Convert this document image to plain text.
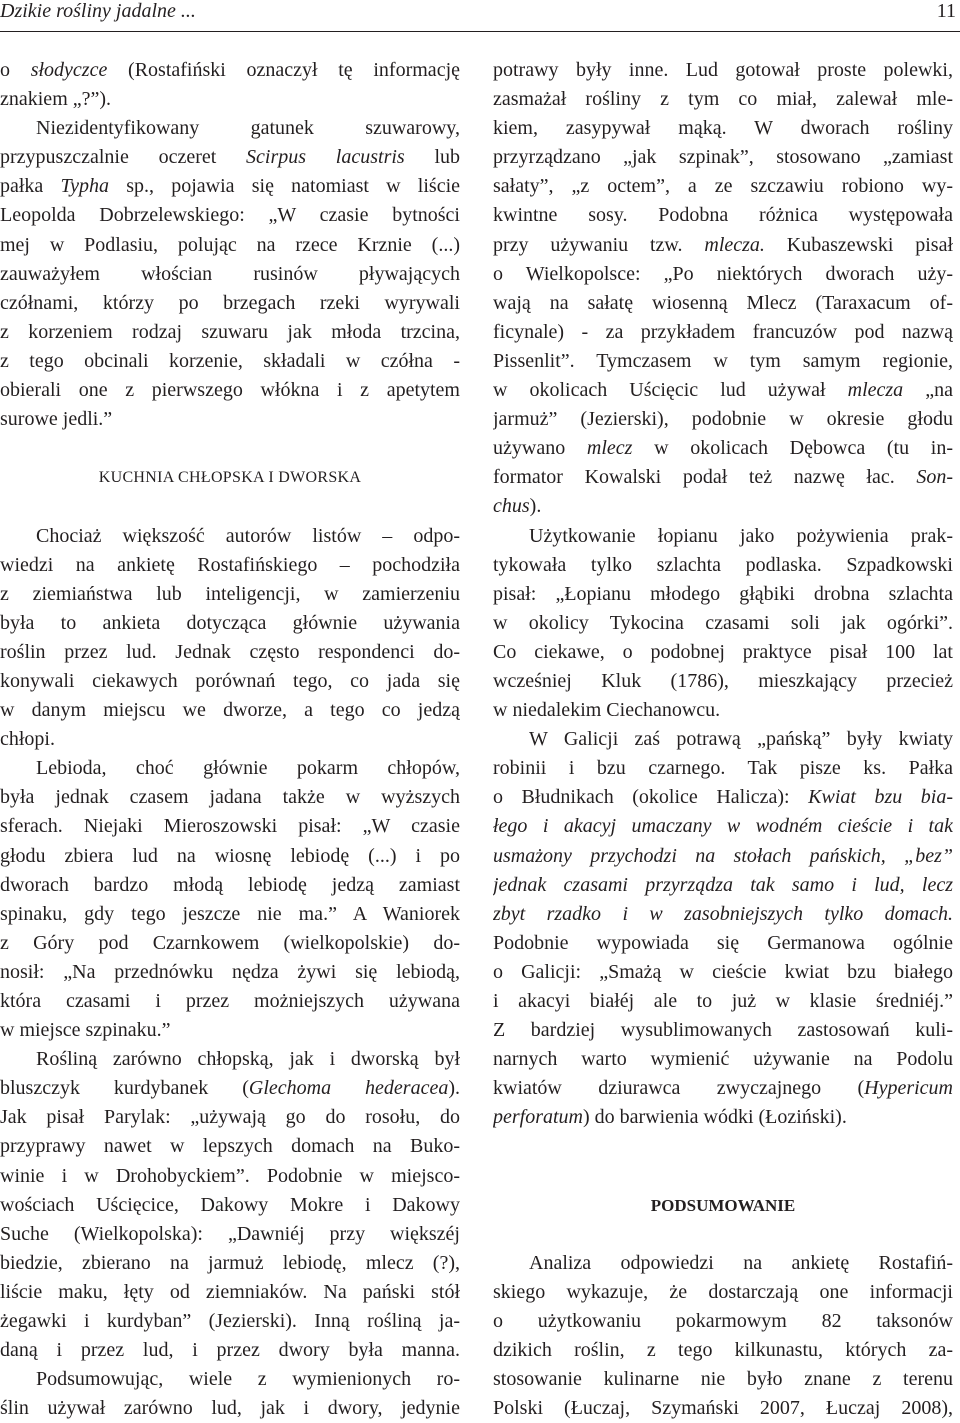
Dzikie rośliny jadalne ...	11
o słodyczce (Rostafiński oznaczył tę informację
znakiem „?”).
Niezidentyfikowany gatunek szuwarowy,
przypuszczalnie oczeret Scirpus lacustris lub
pałka Typha sp., pojawia się natomiast w liście
Leopolda Dobrzelewskiego: „W czasie bytności
mej w Podlasiu, polując na rzece Krznie (...)
zauważyłem włościan rusinów pływających
czółnami, którzy po brzegach rzeki wyrywali
z korzeniem rodzaj szuwaru jak młoda trzcina,
z tego obcinali korzenie, składali w czółna -
obierali one z pierwszego włókna i z apetytem
surowe jedli.”
KUCHNIA CHŁOPSKA I DWORSKA
Chociaż większość autorów listów – odpo-
wiedzi na ankietę Rostafińskiego – pochodziła
z ziemiaństwa lub inteligencji, w zamierzeniu
była to ankieta dotycząca głównie używania
roślin przez lud. Jednak często respondenci do-
konywali ciekawych porównań tego, co jada się
w danym miejscu we dworze, a tego co jedzą
chłopi.
Lebioda, choć głównie pokarm chłopów,
była jednak czasem jadana także w wyższych
sferach. Niejaki Mieroszowski pisał: „W czasie
głodu zbiera lud na wiosnę lebiodę (...) i po
dworach bardzo młodą lebiodę jedzą zamiast
spinaku, gdy tego jeszcze nie ma.” A Waniorek
z Góry pod Czarnkowem (wielkopolskie) do-
nosił: „Na przednówku nędza żywi się lebiodą,
która czasami i przez możniejszych używana
w miejsce szpinaku.”
Rośliną zarówno chłopską, jak i dworską był
bluszczyk kurdybanek (Glechoma hederacea).
Jak pisał Parylak: „używają go do rosołu, do
przyprawy nawet w lepszych domach na Buko-
winie i w Drohobyckiem”. Podobnie w miejsco-
wościach Uścięcice, Dakowy Mokre i Dakowy
Suche (Wielkopolska): „Dawniéj przy większéj
biedzie, zbierano na jarmuż lebiodę, mlecz (?),
liście maku, łęty od ziemniaków. Na pański stół
żegawki i kurdyban” (Jezierski). Inną rośliną ja-
daną i przez lud, i przez dwory była manna.
Podsumowując, wiele z wymienionych ro-
ślin używał zarówno lud, jak i dwory, jedynie
potrawy były inne. Lud gotował proste polewki,
zasmażał rośliny z tym co miał, zalewał mle-
kiem, zasypywał mąką. W dworach rośliny
przyrządzano „jak szpinak”, stosowano „zamiast
sałaty”, „z octem”, a ze szczawiu robiono wy-
kwintne sosy. Podobna różnica występowała
przy używaniu tzw. mlecza. Kubaszewski pisał
o Wielkopolsce: „Po niektórych dworach uży-
wają na sałatę wiosenną Mlecz (Taraxacum of-
ficynale) - za przykładem francuzów pod nazwą
Pissenlit”. Tymczasem w tym samym regionie,
w okolicach Uścięcic lud używał mlecza „na
jarmuż” (Jezierski), podobnie w okresie głodu
używano mlecz w okolicach Dębowca (tu in-
formator Kowalski podał też nazwę łac. Son-
chus).
Użytkowanie łopianu jako pożywienia prak-
tykowała tylko szlachta podlaska. Szpadkowski
pisał: „Łopianu młodego głąbiki drobna szlachta
w okolicy Tykocina czasami soli jak ogórki”.
Co ciekawe, o podobnej praktyce pisał 100 lat
wcześniej Kluk (1786), mieszkający przecież
w niedalekim Ciechanowcu.
W Galicji zaś potrawą „pańską” były kwiaty
robinii i bzu czarnego. Tak pisze ks. Pałka
o Błudnikach (okolice Halicza): Kwiat bzu bia-
łego i akacyj umaczany w wodném cieście i tak
usmażony przychodzi na stołach pańskich, „bez”
jednak czasami przyrządza tak samo i lud, lecz
zbyt rzadko i w zasobniejszych tylko domach.
Podobnie wypowiada się Germanowa ogólnie
o Galicji: „Smażą w cieście kwiat bzu białego
i akacyi białéj ale to już w klasie średniéj.”
Z bardziej wysublimowanych zastosowań kuli-
narnych warto wymienić używanie na Podolu
kwiatów dziurawca zwyczajnego (Hypericum
perforatum) do barwienia wódki (Łoziński).
PODSUMOWANIE
Analiza odpowiedzi na ankietę Rostafiń-
skiego wykazuje, że dostarczają one informacji
o użytkowaniu pokarmowym 82 taksonów
dzikich roślin, z tego kilkunastu, których za-
stosowanie kulinarne nie było znane z terenu
Polski (Łuczaj, Szymański 2007, Łuczaj 2008),
